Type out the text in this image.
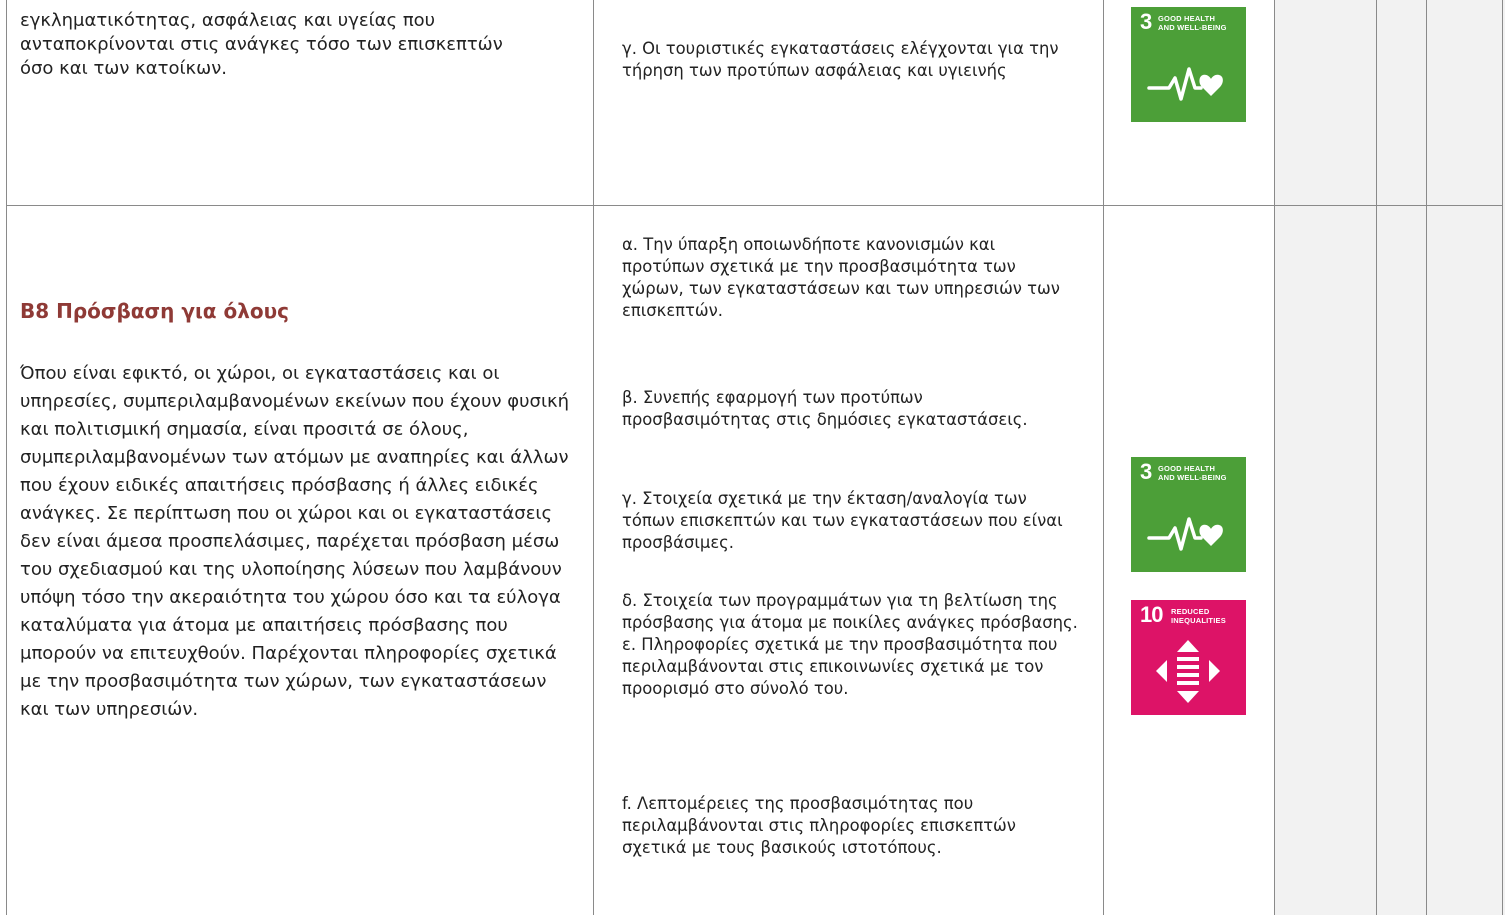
εγκληματικότητας, ασφάλειας και υγείας που ανταποκρίνονται στις ανάγκες τόσο των επισκεπτών όσο και των κατοίκων.

γ. Οι τουριστικές εγκαταστάσεις ελέγχονται για την τήρηση των προτύπων ασφάλειας και υγιεινής

3 GOOD HEALTH
AND WELL-BEING
B8 Πρόσβαση για όλους

Όπου είναι εφικτό, οι χώροι, οι εγκαταστάσεις και οι υπηρεσίες, συμπεριλαμβανομένων εκείνων που έχουν φυσική και πολιτισμική σημασία, είναι προσιτά σε όλους, συμπεριλαμβανομένων των ατόμων με αναπηρίες και άλλων που έχουν ειδικές απαιτήσεις πρόσβασης ή άλλες ειδικές ανάγκες. Σε περίπτωση που οι χώροι και οι εγκαταστάσεις δεν είναι άμεσα προσπελάσιμες, παρέχεται πρόσβαση μέσω του σχεδιασμού και της υλοποίησης λύσεων που λαμβάνουν υπόψη τόσο την ακεραιότητα του χώρου όσο και τα εύλογα καταλύματα για άτομα με απαιτήσεις πρόσβασης που μπορούν να επιτευχθούν. Παρέχονται πληροφορίες σχετικά με την προσβασιμότητα των χώρων, των εγκαταστάσεων και των υπηρεσιών.

α. Την ύπαρξη οποιωνδήποτε κανονισμών και προτύπων σχετικά με την προσβασιμότητα των χώρων, των εγκαταστάσεων και των υπηρεσιών των επισκεπτών.

β. Συνεπής εφαρμογή των προτύπων προσβασιμότητας στις δημόσιες εγκαταστάσεις.

γ. Στοιχεία σχετικά με την έκταση/αναλογία των τόπων επισκεπτών και των εγκαταστάσεων που είναι προσβάσιμες.

δ. Στοιχεία των προγραμμάτων για τη βελτίωση της πρόσβασης για άτομα με ποικίλες ανάγκες πρόσβασης. ε. Πληροφορίες σχετικά με την προσβασιμότητα που περιλαμβάνονται στις επικοινωνίες σχετικά με τον προορισμό στο σύνολό του.

f. Λεπτομέρειες της προσβασιμότητας που περιλαμβάνονται στις πληροφορίες επισκεπτών σχετικά με τους βασικούς ιστοτόπους.

3 GOOD HEALTH
AND WELL-BEING
10 REDUCED
INEQUALITIES
